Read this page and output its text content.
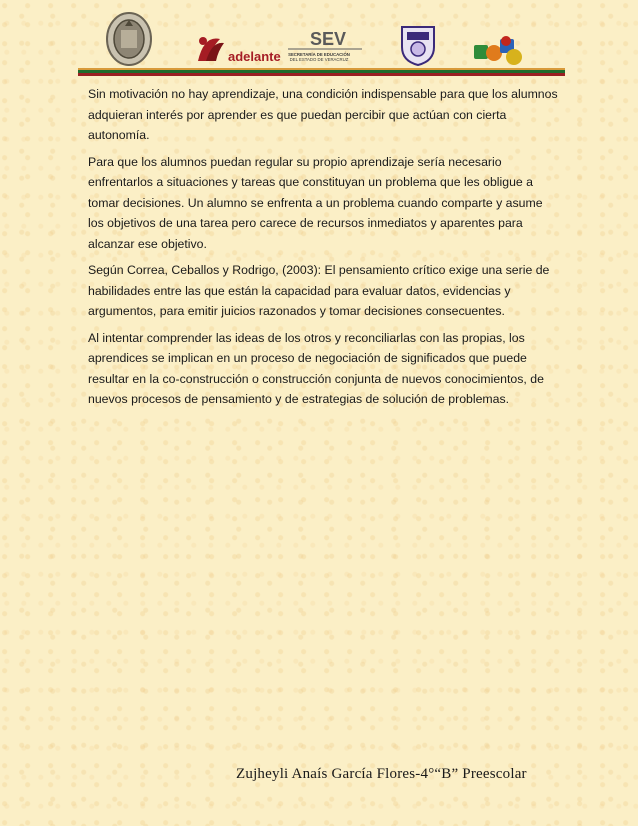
adelante
SEV
SECRETARÍA DE EDUCACIÓN
DEL ESTADO DE VERACRUZ

Sin motivación no hay aprendizaje, una condición indispensable para que los alumnos adquieran interés por aprender es que puedan percibir que actúan con cierta autonomía.

Para que los alumnos puedan regular su propio aprendizaje sería necesario enfrentarlos a situaciones y tareas que constituyan un problema que les obligue a tomar decisiones. Un alumno se enfrenta a un problema cuando comparte y asume los objetivos de una tarea pero carece de recursos inmediatos y aparentes para alcanzar ese objetivo.

Según Correa, Ceballos y Rodrigo, (2003): El pensamiento crítico exige una serie de habilidades entre las que están la capacidad para evaluar datos, evidencias y argumentos, para emitir juicios razonados y tomar decisiones consecuentes.

Al intentar comprender las ideas de los otros y reconciliarlas con las propias, los aprendices se implican en un proceso de negociación de significados que puede resultar en la co-construcción o construcción conjunta de nuevos conocimientos, de nuevos procesos de pensamiento y de estrategias de solución de problemas.

Zujheyli Anaís García Flores-4°“B” Preescolar
